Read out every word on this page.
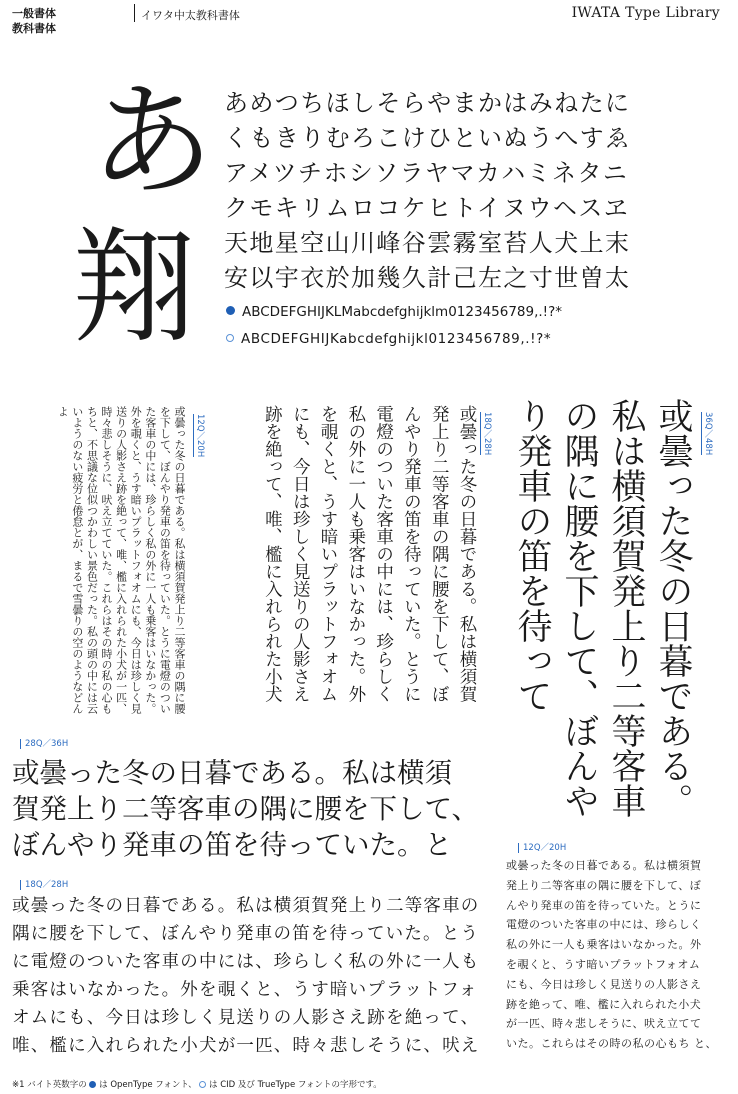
一般書体
教科書体
イワタ中太教科書体	IWATA Type Library
あ
翔
あめつちほしそらやまかはみねたに
くもきりむろこけひといぬうへすゑ
アメツチホシソラヤマカハミネタニ
クモキリムロコケヒトイヌウヘスヱ
天地星空山川峰谷雲霧室苔人犬上末
安以宇衣於加幾久計己左之寸世曽太
ABCDEFGHIJKLMabcdefghijklm0123456789,.!?*
ABCDEFGHIJKabcdefghijkl0123456789,.!?*
12Q／20H
或曇った冬の日暮である。私は横須賀発上り二等客車の隅に腰を下して、ぼんやり発車の笛を待っていた。とうに電燈のついた客車の中には、珍らしく私の外に一人も乗客はいなかった。外を覗くと、うす暗いプラットフォオムにも、今日は珍しく見送りの人影さえ跡を絶って、唯、檻に入れられた小犬が一匹、時々悲しそうに、吠え立てていた。これらはその時の私の心もちと、不思議な位似つかわしい景色だった。私の頭の中には云いようのない疲労と倦怠とが、まるで雪曇りの空のようなどんよ
18Q／28H
或曇った冬の日暮である。私は横須賀発上り二等客車の隅に腰を下して、ぼんやり発車の笛を待っていた。とうに電燈のついた客車の中には、珍らしく私の外に一人も乗客はいなかった。外を覗くと、うす暗いプラットフォオムにも、今日は珍しく見送りの人影さえ跡を絶って、唯、檻に入れられた小犬	36Q／48H
或曇った冬の日暮である。私は横須賀発上り二等客車の隅に腰を下して、ぼんやり発車の笛を待って
28Q／36H
或曇った冬の日暮である。私は横須
賀発上り二等客車の隅に腰を下して、
ぼんやり発車の笛を待っていた。と
18Q／28H
或曇った冬の日暮である。私は横須賀発上り二等客車の
隅に腰を下して、ぼんやり発車の笛を待っていた。とう
に電燈のついた客車の中には、珍らしく私の外に一人も
乗客はいなかった。外を覗くと、うす暗いプラットフォ
オムにも、今日は珍しく見送りの人影さえ跡を絶って、
唯、檻に入れられた小犬が一匹、時々悲しそうに、吠え
12Q／20H
或曇った冬の日暮である。私は横須賀
発上り二等客車の隅に腰を下して、ぼ
んやり発車の笛を待っていた。とうに
電燈のついた客車の中には、珍らしく
私の外に一人も乗客はいなかった。外
を覗くと、うす暗いプラットフォオム
にも、今日は珍しく見送りの人影さえ
跡を絶って、唯、檻に入れられた小犬
が一匹、時々悲しそうに、吠え立てて
いた。これらはその時の私の心もち と、
※1 バイト英数字の は OpenType フォント、 は CID 及び TrueType フォントの字形です。
